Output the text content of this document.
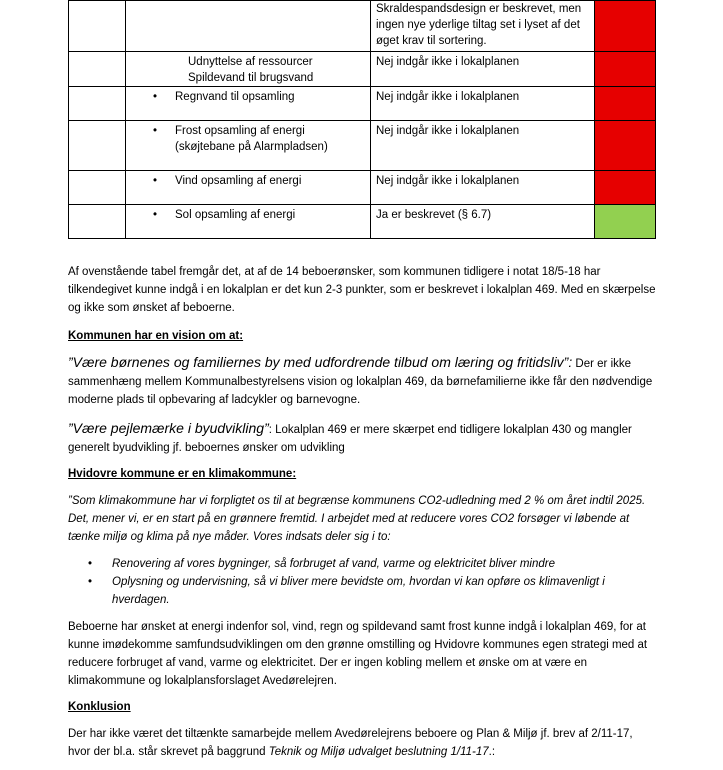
		Skraldespandsdesign er beskrevet, men ingen nye yderlige tiltag set i lyset af det øget krav til sortering.	

	Udnyttelse af ressourcer
Spildevand til brugsvand	Nej indgår ikke i lokalplanen	

	• Regnvand til opsamling	Nej indgår ikke i lokalplanen	

	• Frost opsamling af energi (skøjtebane på Alarmpladsen)	Nej indgår ikke i lokalplanen	

	• Vind opsamling af energi	Nej indgår ikke i lokalplanen	

	• Sol opsamling af energi	Ja er beskrevet (§ 6.7)	

Af ovenstående tabel fremgår det, at af de 14 beboerønsker, som kommunen tidligere i notat 18/5-18 har tilkendegivet kunne indgå i en lokalplan er det kun 2-3 punkter, som er beskrevet i lokalplan 469. Med en skærpelse og ikke som ønsket af beboerne.

Kommunen har en vision om at:

”Være børnenes og familiernes by med udfordrende tilbud om læring og fritidsliv”: Der er ikke sammenhæng mellem Kommunalbestyrelsens vision og lokalplan 469, da børnefamilierne ikke får den nødvendige moderne plads til opbevaring af ladcykler og barnevogne.

”Være pejlemærke i byudvikling”: Lokalplan 469 er mere skærpet end tidligere lokalplan 430 og mangler generelt byudvikling jf. beboernes ønsker om udvikling

Hvidovre kommune er en klimakommune:

”Som klimakommune har vi forpligtet os til at begrænse kommunens CO2-udledning med 2 % om året indtil 2025. Det, mener vi, er en start på en grønnere fremtid. I arbejdet med at reducere vores CO2 forsøger vi løbende at tænke miljø og klima på nye måder. Vores indsats deler sig i to:

•	Renovering af vores bygninger, så forbruget af vand, varme og elektricitet bliver mindre
•	Oplysning og undervisning, så vi bliver mere bevidste om, hvordan vi kan opføre os klimavenligt i hverdagen.

Beboerne har ønsket at energi indenfor sol, vind, regn og spildevand samt frost kunne indgå i lokalplan 469, for at kunne imødekomme samfundsudviklingen om den grønne omstilling og Hvidovre kommunes egen strategi med at reducere forbruget af vand, varme og elektricitet. Der er ingen kobling mellem et ønske om at være en klimakommune og lokalplansforslaget Avedørelejren.

Konklusion

Der har ikke været det tiltænkte samarbejde mellem Avedørelejrens beboere og Plan & Miljø jf. brev af 2/11-17, hvor der bl.a. står skrevet på baggrund Teknik og Miljø udvalget beslutning 1/11-17.:
